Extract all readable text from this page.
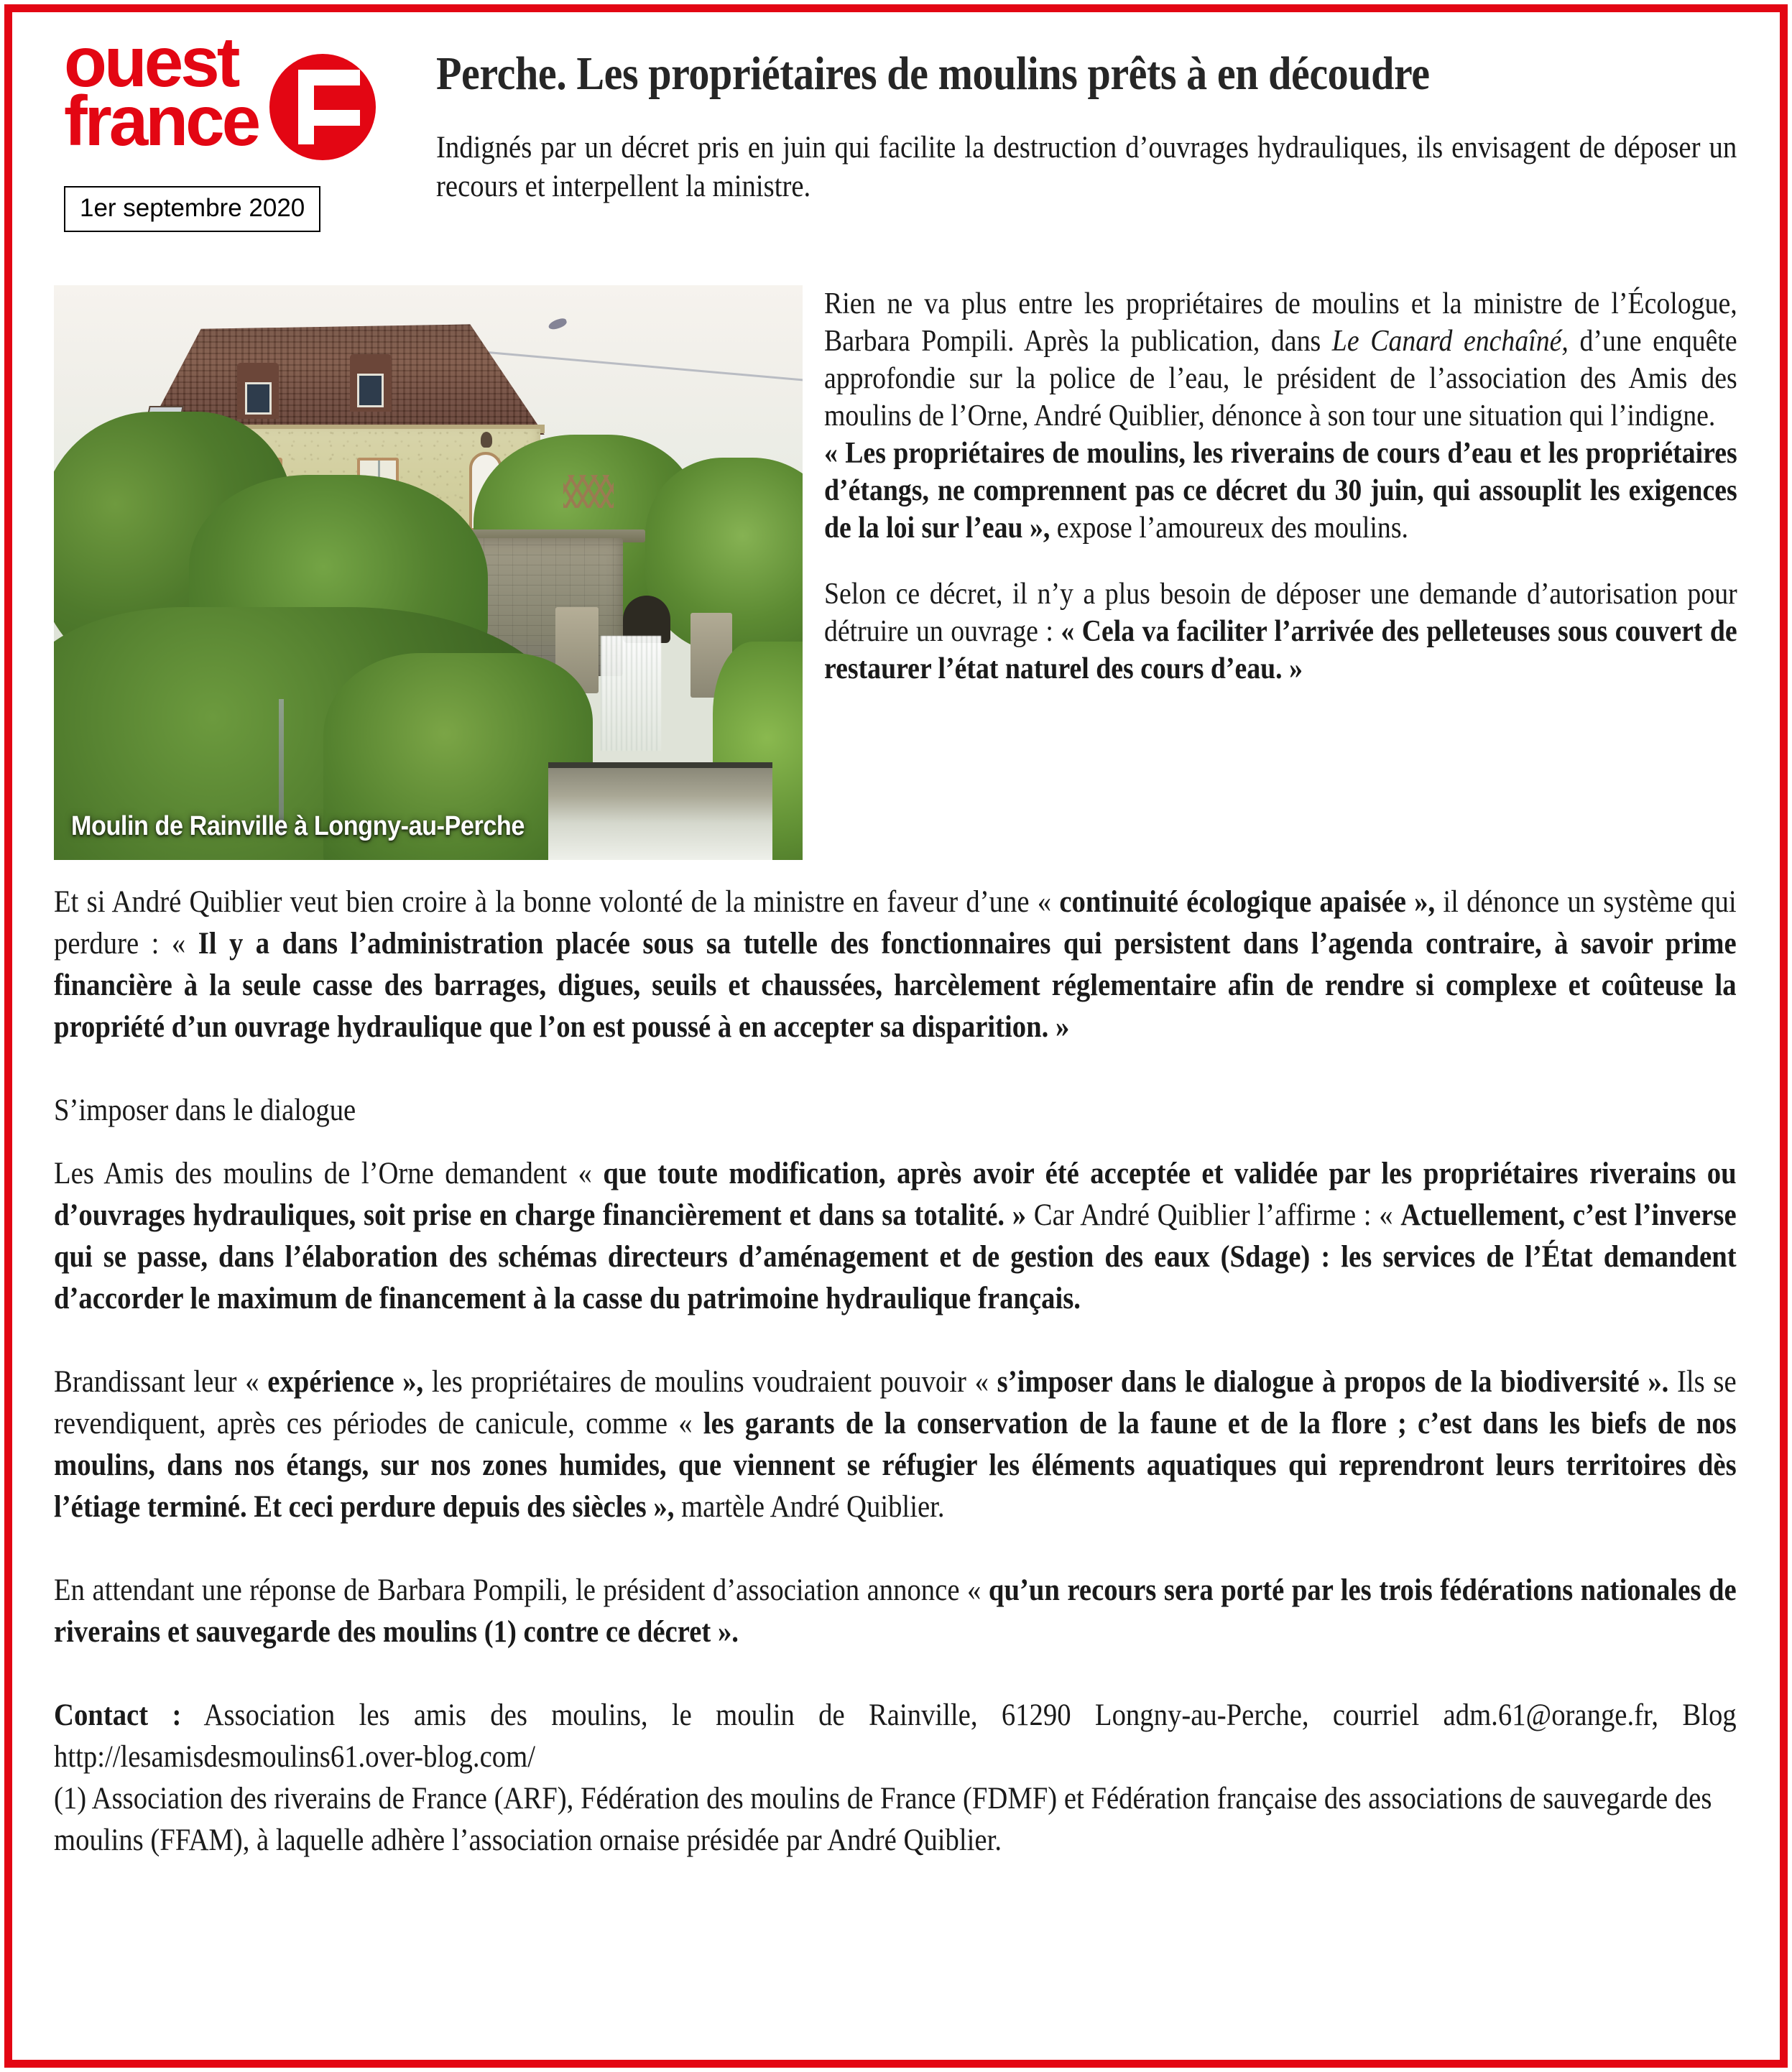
ouest
france
1er septembre 2020
Perche. Les propriétaires de moulins prêts à en découdre

Indignés par un décret pris en juin qui facilite la destruction d’ouvrages hydrauliques, ils envisagent de déposer un recours et interpellent la ministre.

Moulin de Rainville à Longny-au-Perche

Rien ne va plus entre les propriétaires de moulins et la ministre de l’Écologue, Barbara Pompili. Après la publication, dans Le Canard enchaîné, d’une enquête approfondie sur la police de l’eau, le président de l’association des Amis des moulins de l’Orne, André Quiblier, dénonce à son tour une situation qui l’indigne.

« Les propriétaires de moulins, les riverains de cours d’eau et les propriétaires d’étangs, ne comprennent pas ce décret du 30 juin, qui assouplit les exigences de la loi sur l’eau », expose l’amoureux des moulins.

Selon ce décret, il n’y a plus besoin de déposer une demande d’autorisation pour détruire un ouvrage : « Cela va faciliter l’arrivée des pelleteuses sous couvert de restaurer l’état naturel des cours d’eau. »

Et si André Quiblier veut bien croire à la bonne volonté de la ministre en faveur d’une « continuité écologique apaisée », il dénonce un système qui perdure : « Il y a dans l’administration placée sous sa tutelle des fonctionnaires qui persistent dans l’agenda contraire, à savoir prime financière à la seule casse des barrages, digues, seuils et chaussées, harcèlement réglementaire afin de rendre si complexe et coûteuse la propriété d’un ouvrage hydraulique que l’on est poussé à en accepter sa disparition. »

S’imposer dans le dialogue

Les Amis des moulins de l’Orne demandent « que toute modification, après avoir été acceptée et validée par les propriétaires riverains ou d’ouvrages hydrauliques, soit prise en charge financièrement et dans sa totalité. » Car André Quiblier l’affirme : « Actuellement, c’est l’inverse qui se passe, dans l’élaboration des schémas directeurs d’aménagement et de gestion des eaux (Sdage) : les services de l’État demandent d’accorder le maximum de financement à la casse du patrimoine hydraulique français.

Brandissant leur « expérience », les propriétaires de moulins voudraient pouvoir « s’imposer dans le dialogue à propos de la biodiversité ». Ils se revendiquent, après ces périodes de canicule, comme « les garants de la conservation de la faune et de la flore ; c’est dans les biefs de nos moulins, dans nos étangs, sur nos zones humides, que viennent se réfugier les éléments aquatiques qui reprendront leurs territoires dès l’étiage terminé. Et ceci perdure depuis des siècles », martèle André Quiblier.

En attendant une réponse de Barbara Pompili, le président d’association annonce « qu’un recours sera porté par les trois fédérations nationales de riverains et sauvegarde des moulins (1) contre ce décret ».

Contact : Association les amis des moulins, le moulin de Rainville, 61290 Longny-au-Perche, courriel adm.61@orange.fr, Blog http://lesamisdesmoulins61.over-blog.com/

(1) Association des riverains de France (ARF), Fédération des moulins de France (FDMF) et Fédération française des associations de sauvegarde des moulins (FFAM), à laquelle adhère l’association ornaise présidée par André Quiblier.
